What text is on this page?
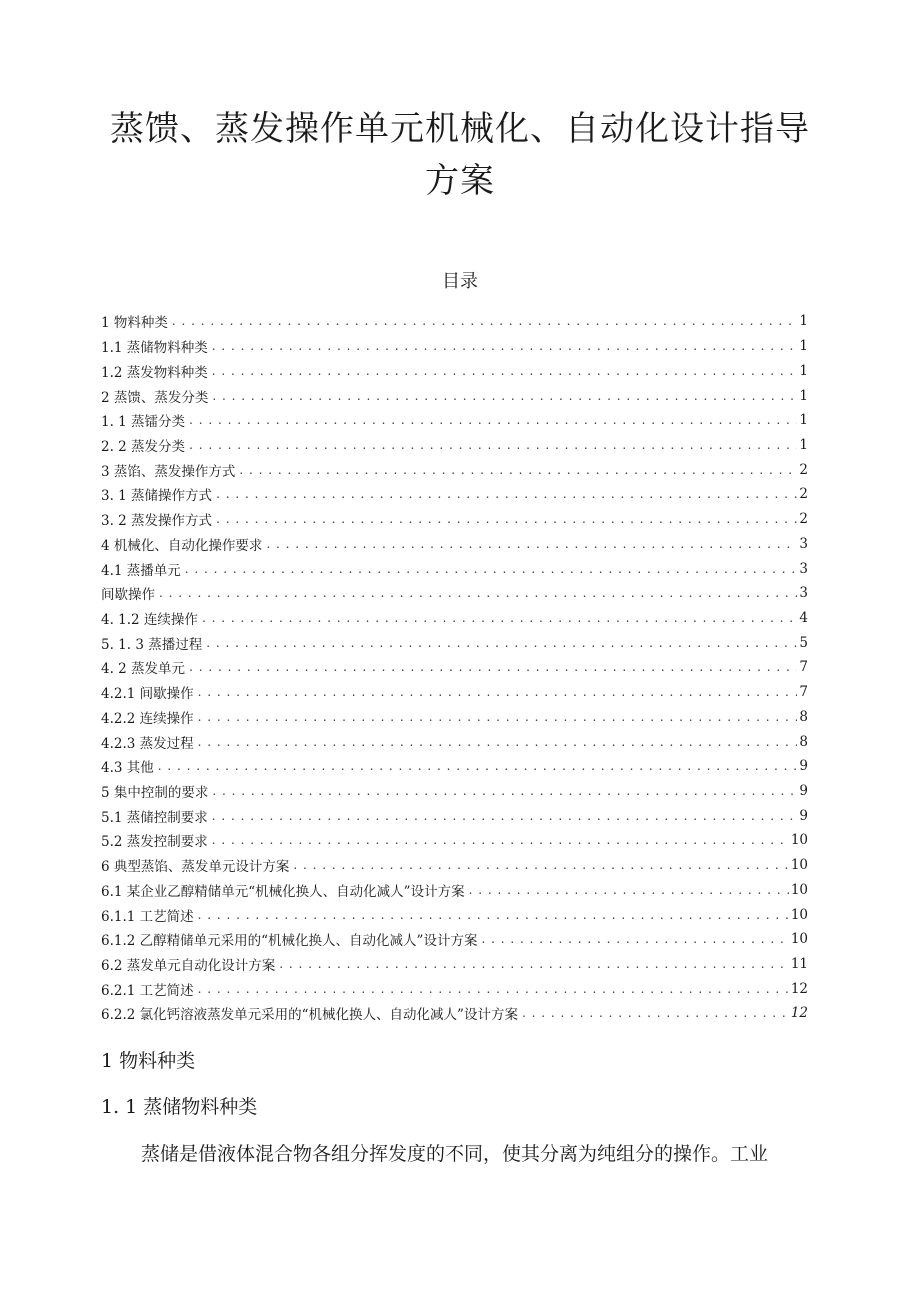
蒸馈、蒸发操作单元机械化、自动化设计指导
方案
目录
1 物料种类 . . .	1
1.1 蒸储物料种类 . . .	1
1.2 蒸发物料种类 . . .	1
2 蒸馈、蒸发分类 . . .	1
1. 1 蒸镭分类 . . .	1
2. 2 蒸发分类 . . .	1
3 蒸馅、蒸发操作方式 . . .	2
3. 1 蒸储操作方式 . . .	2
3. 2 蒸发操作方式 . . .	2
4 机械化、自动化操作要求 . . .	3
4.1 蒸播单元 . . .	3
间歇操作 . . .	3
4. 1.2 连续操作 . . .	4
5. 1. 3 蒸播过程 . . .	5
4. 2 蒸发单元 . . .	7
4.2.1 间歇操作 . . .	7
4.2.2 连续操作 . . .	8
4.2.3 蒸发过程 . . .	8
4.3 其他 . . .	9
5 集中控制的要求 . . .	9
5.1 蒸储控制要求 . . .	9
5.2 蒸发控制要求 . . .	10
6 典型蒸馅、蒸发单元设计方案 . . .	10
6.1 某企业乙醇精储单元“机械化换人、自动化减人”设计方案 . . .	10
6.1.1 工艺简述 . . .	10
6.1.2 乙醇精储单元采用的“机械化换人、自动化减人”设计方案 . . .	10
6.2 蒸发单元自动化设计方案 . . .	11
6.2.1 工艺简述 . . .	12
6.2.2 氯化钙溶液蒸发单元采用的“机械化换人、自动化减人”设计方案 . . .	12
1 物料种类
1. 1 蒸储物料种类
蒸储是借液体混合物各组分挥发度的不同，使其分离为纯组分的操作。工业
